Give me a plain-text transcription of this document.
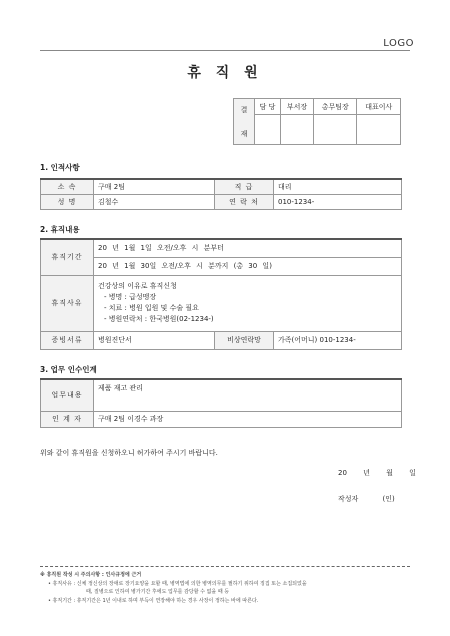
LOGO
휴 직 원
결
재	담 당	부서장	총무팀장	대표이사

1. 인적사항
소 속	구매 2팀	직 급	대리
성 명	김철수	연 락 처	010-1234-
2. 휴직내용
휴직기간	20 년 1월 1일 오전/오후 시 분부터		
	20 년 1월 30일 오전/오후 시 분까지 (총 30 일)		
휴직사유	건강상의 이유로 휴직신청
- 병명 : 급성맹장
- 치료 : 병원 입원 및 수술 필요
- 병원연락처 : 한국병원(02-1234-)		

증빙서류	병원진단서	비상연락망	가족(어머니) 010-1234-
3. 업무 인수인계
업무내용	제품 재고 관리
인 계 자	구매 2팀 이경수 과장
위와 같이 휴직원을 신청하오니 허가하여 주시기 바랍니다.
20 년 월 일
작성자	(인)
※ 휴직원 작성 시 주의사항 : 인사규정에 근거
• 휴직사유 : 신체 정신상의 장애로 장기요양을 요할 때, 병역법에 의한 병역의무를 필하기 위하여 징집 또는 소집되었을
때, 질병으로 인하여 병가기간 후에도 업무를 감당할 수 없을 때 등
• 휴직기간 : 휴직기간은 1년 이내로 하며 부득이 연장해야 하는 경우 사장이 정하는 바에 따른다.
